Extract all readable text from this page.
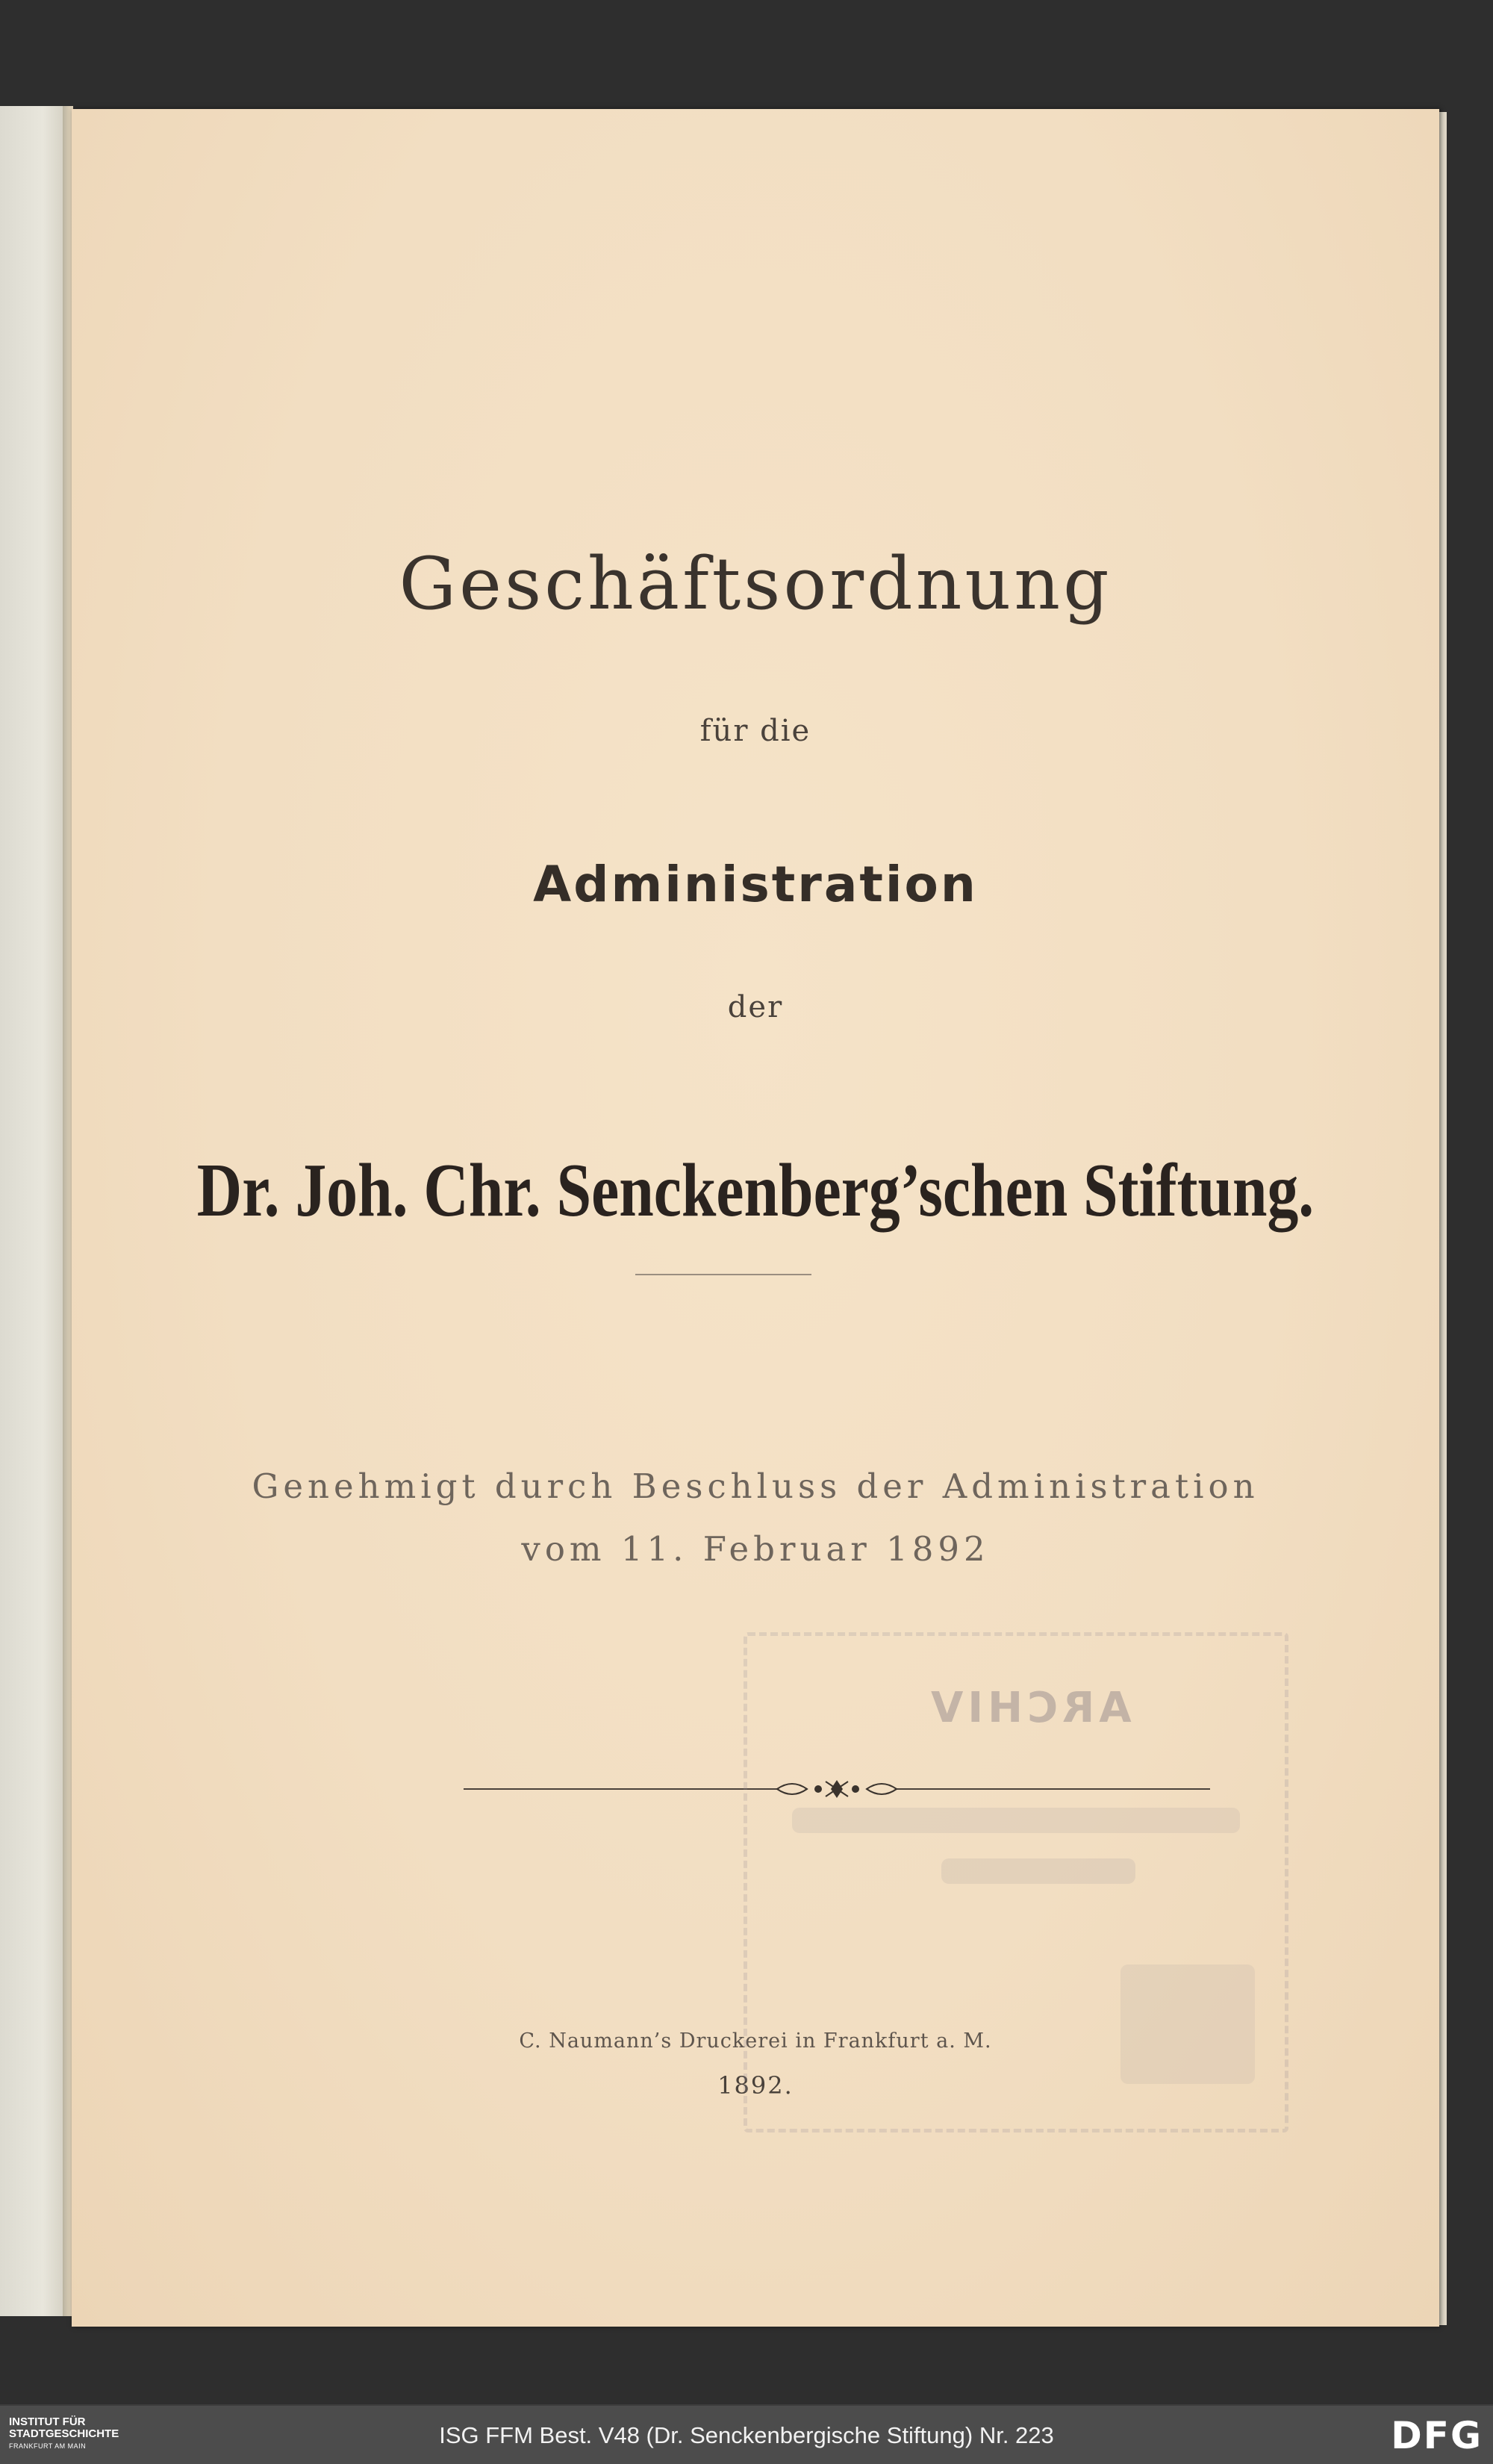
Geschäftsordnung
für die
Administration
der
Dr. Joh. Chr. Senckenberg’schen Stiftung.
Genehmigt durch Beschluss der Administration
vom 11. Februar 1892
C. Naumann’s Druckerei in Frankfurt a. M.
1892.
ARCHIV
INSTITUT FÜR
STADTGESCHICHTE
FRANKFURT AM MAIN	ISG FFM Best. V48 (Dr. Senckenbergische Stiftung) Nr. 223	DFG
